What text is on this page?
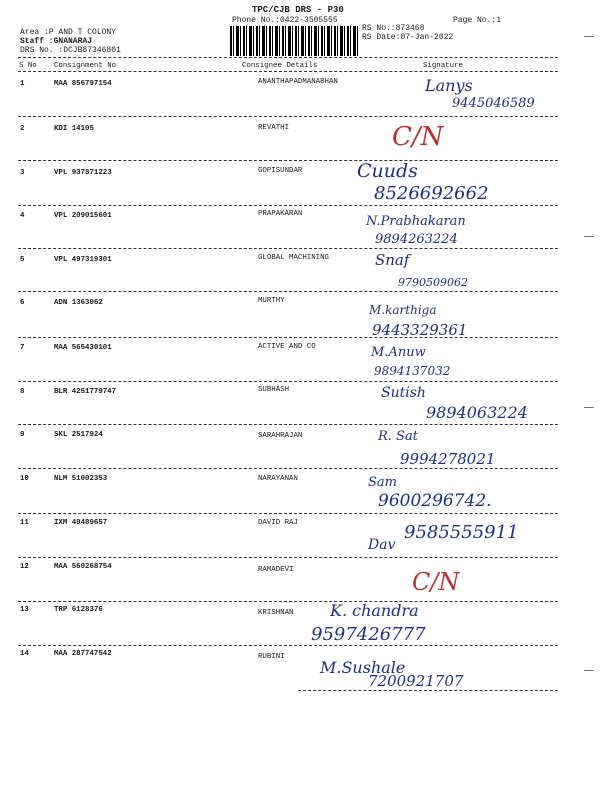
TPC/CJB DRS - P30
Phone No.:0422-3505555
Area :P AND T COLONY
Staff :GNANARAJ
DRS No. :DCJB87346801
RS No.:873468
RS Date:07-Jan-2022
Page No.:1
S No Consignment No	Consignee Details	Signature
1	MAA 856797154	ANANTHAPADMANABHAN	Lanys
9445046589
2	KDI 14105	REVATHI	C/N
3	VPL 937871223	GOPISUNDAR	Cuuds
8526692662
4	VPL 209015601	PRAPAKARAN	N.Prabhakaran
9894263224
5	VPL 497319301	GLOBAL MACHINING	Snaf
9790509062
6	ADN 1363062	MURTHY
M.karthiga
9443329361
7	MAA 565430101	ACTIVE AND CO	M.Anuw
9894137032
8	BLR 4251779747	SUBHASH	Sutish
9894063224
9	SKL 2517924	SARAHRAJAN	R. Sat
9994278021
10	NLM 51002353	NARAYANAN	Sam
9600296742.
11	IXM 49489657	DAVID RAJ
Dav
9585555911
12	MAA 560268754	RAMADEVI	C/N
13	TRP 6128376	KRISHNAN K. chandra
9597426777
14	MAA 287747542	RUBINI
M.Sushale
7200921707
